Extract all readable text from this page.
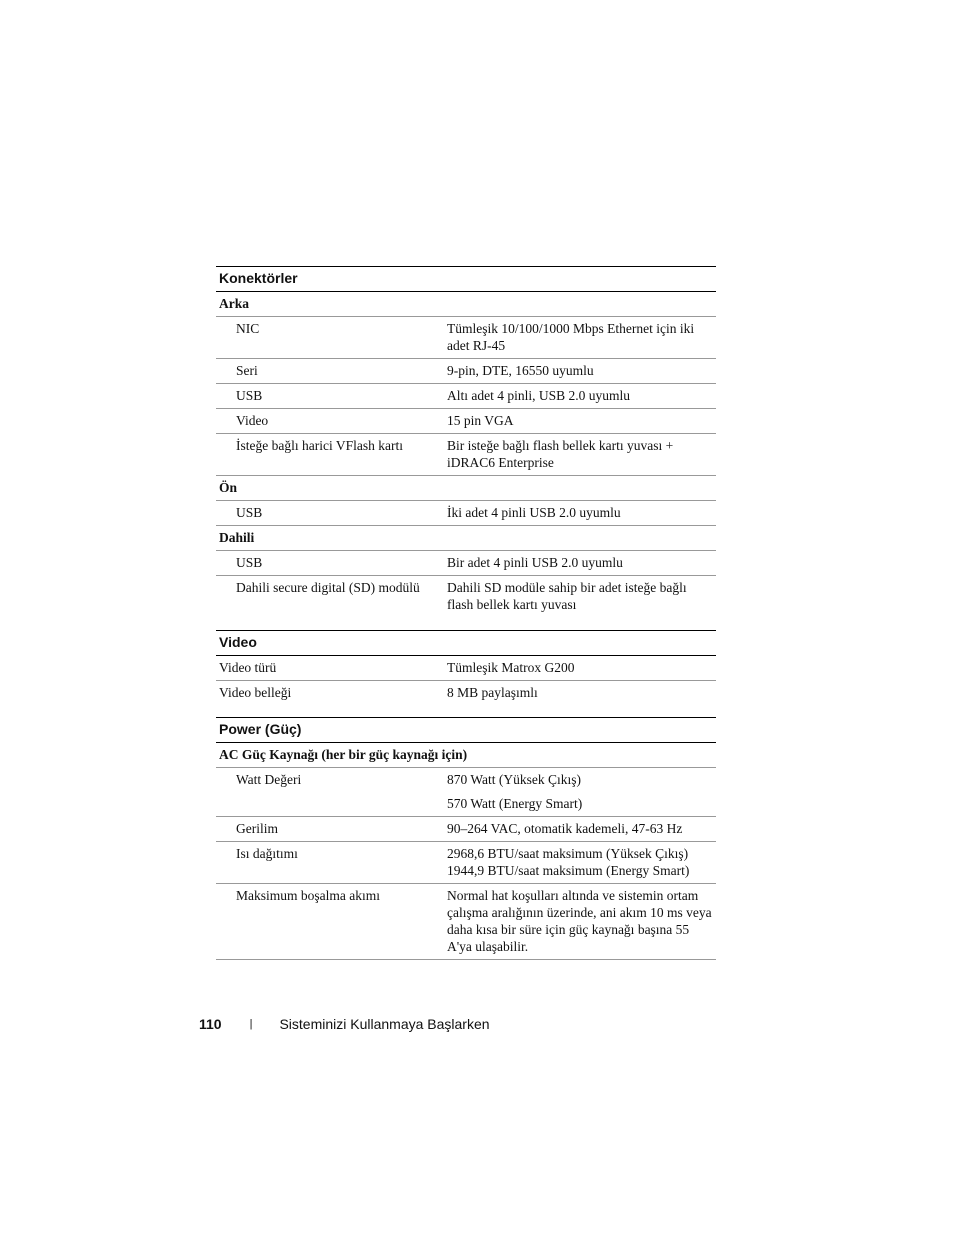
Konektörler
Arka
NIC	Tümleşik 10/100/1000 Mbps Ethernet için iki adet RJ-45
Seri	9-pin, DTE, 16550 uyumlu
USB	Altı adet 4 pinli, USB 2.0 uyumlu
Video	15 pin VGA
İsteğe bağlı harici VFlash kartı	Bir isteğe bağlı flash bellek kartı yuvası + iDRAC6 Enterprise
Ön
USB	İki adet 4 pinli USB 2.0 uyumlu
Dahili
USB	Bir adet 4 pinli USB 2.0 uyumlu
Dahili secure digital (SD) modülü	Dahili SD modüle sahip bir adet isteğe bağlı flash bellek kartı yuvası
Video
Video türü	Tümleşik Matrox G200
Video belleği	8 MB paylaşımlı
Power (Güç)
AC Güç Kaynağı (her bir güç kaynağı için)
Watt Değeri	870 Watt (Yüksek Çıkış)
570 Watt (Energy Smart)
Gerilim	90–264 VAC, otomatik kademeli, 47-63 Hz
Isı dağıtımı	2968,6 BTU/saat maksimum (Yüksek Çıkış) 1944,9 BTU/saat maksimum (Energy Smart)
Maksimum boşalma akımı	Normal hat koşulları altında ve sistemin ortam çalışma aralığının üzerinde, ani akım 10 ms veya daha kısa bir süre için güç kaynağı başına 55 A'ya ulaşabilir.
110	| Sisteminizi Kullanmaya Başlarken
